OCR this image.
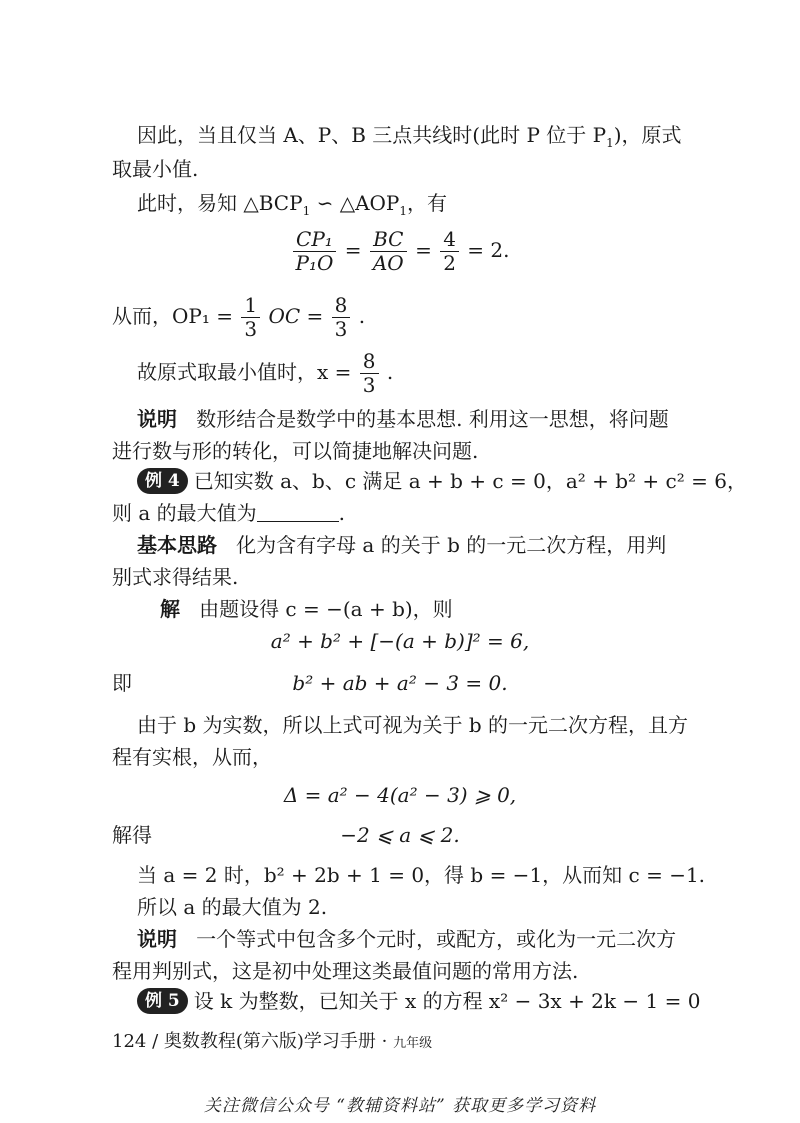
因此，当且仅当 A、P、B 三点共线时(此时 P 位于 $P_1$)，原式
取最小值.
此时，易知 $\triangle BCP_1$ ∽ $\triangle AOP_1$，有
$\frac{\text{CP₁}}{\text{P₁O}} = \frac{BC}{AO} = \frac{4}{2} = 2$.
从而，$OP_1 = \frac{1}{3}$ OC = $\frac{8}{3}$ .
故原式取最小值时，$x = \frac{8}{3}$ .
说明 数形结合是数学中的基本思想. 利用这一思想，将问题
进行数与形的转化，可以简捷地解决问题.
例 4 已知实数 a、b、c 满足 a + b + c = 0，a² + b² + c² = 6，
则 a 的最大值为	.
基本思路 化为含有字母 a 的关于 b 的一元二次方程，用判
别式求得结果.
解 由题设得 c = −(a + b)，则
a² + b² + [−(a + b)]² = 6,
即	b² + ab + a² − 3 = 0.
由于 b 为实数，所以上式可视为关于 b 的一元二次方程，且方
程有实根，从而，
Δ = a² − 4(a² − 3) ⩾ 0,
解得	−2 ⩽ a ⩽ 2.
当 a = 2 时，b² + 2b + 1 = 0，得 b = −1，从而知 c = −1.
所以 a 的最大值为 2.
说明 一个等式中包含多个元时，或配方，或化为一元二次方
程用判别式，这是初中处理这类最值问题的常用方法.
例 5 设 k 为整数，已知关于 x 的方程 x² − 3x + 2k − 1 = 0
124 / 奥数教程(第六版)学习手册 · 九年级
关注微信公众号 “教辅资料站” 获取更多学习资料
